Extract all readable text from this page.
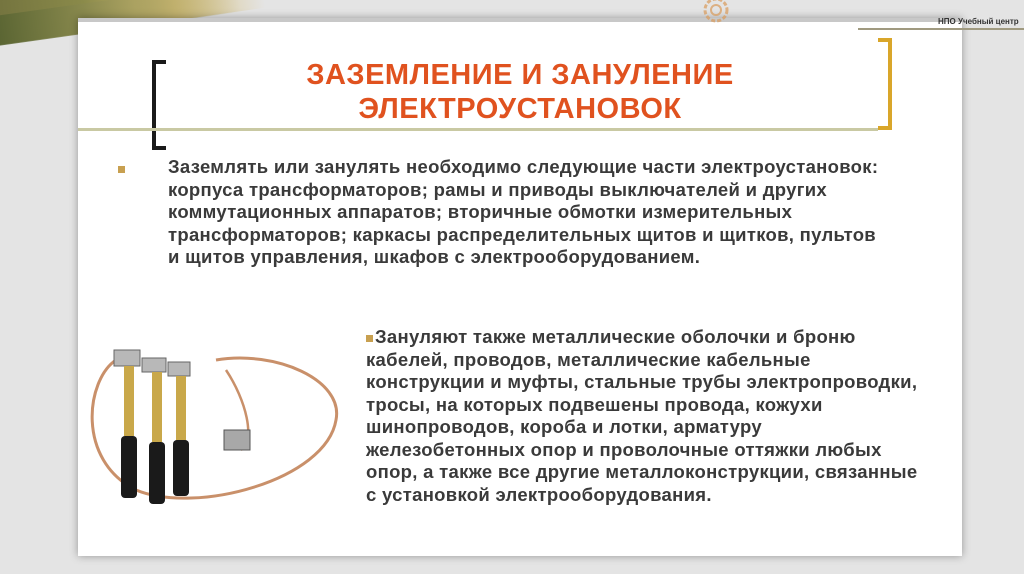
НПО Учебный центр
ЗАЗЕМЛЕНИЕ И ЗАНУЛЕНИЕ
ЭЛЕКТРОУСТАНОВОК
Заземлять или занулять необходимо следующие части электроустановок: корпуса трансформаторов; рамы и приводы выключателей и других коммутационных аппаратов; вторичные обмотки измерительных трансформаторов; каркасы распределительных щитов и щитков, пультов и щитов управления, шкафов с электрооборудованием.

Зануляют также металлические оболочки и броню кабелей, проводов, металлические кабельные конструкции и муфты, стальные трубы электропроводки, тросы, на которых подвешены провода, кожухи шинопроводов, короба и лотки, арматуру железобетонных опор и проволочные оттяжки любых опор, а также все другие металлоконструкции, связанные с установкой электрооборудования.
